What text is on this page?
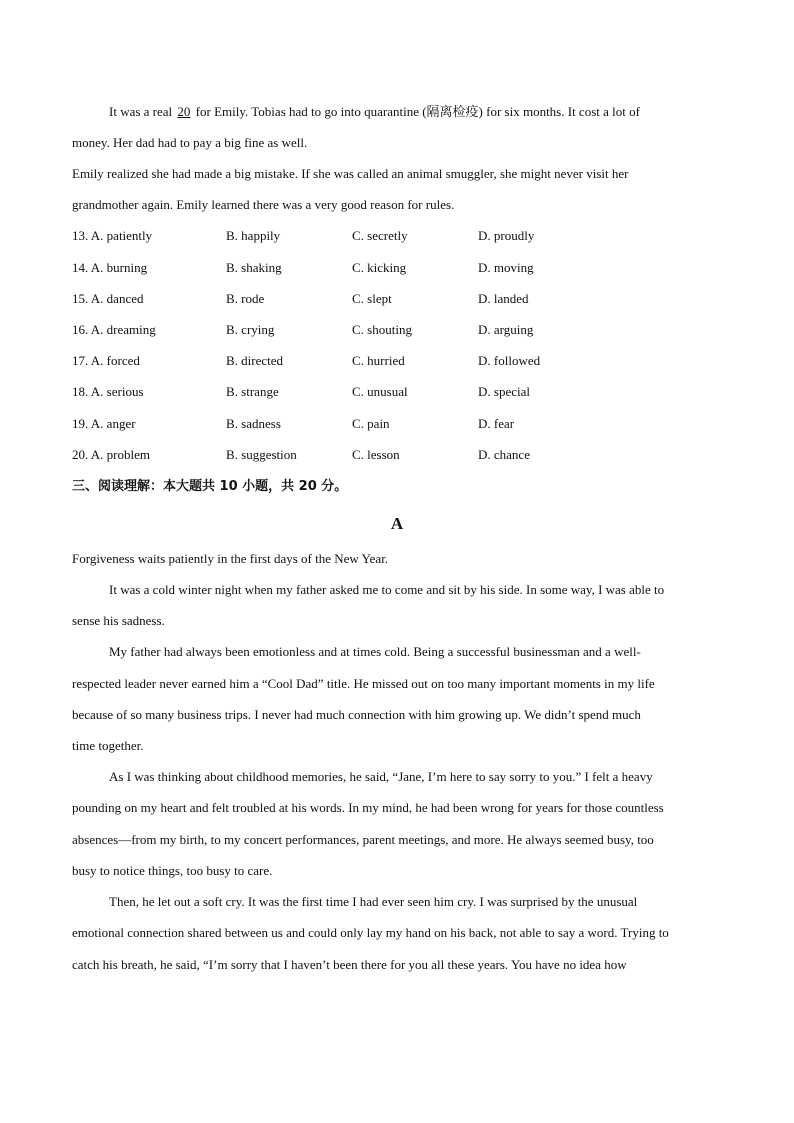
It was a real 20 for Emily. Tobias had to go into quarantine (隔离检疫) for six months. It cost a lot of
money. Her dad had to pay a big fine as well.
Emily realized she had made a big mistake. If she was called an animal smuggler, she might never visit her
grandmother again. Emily learned there was a very good reason for rules.
13. A. patiently	B. happily	C. secretly	D. proudly
14. A. burning	B. shaking	C. kicking	D. moving
15. A. danced	B. rode	C. slept	D. landed
16. A. dreaming	B. crying	C. shouting	D. arguing
17. A. forced	B. directed	C. hurried	D. followed
18. A. serious	B. strange	C. unusual	D. special
19. A. anger	B. sadness	C. pain	D. fear
20. A. problem	B. suggestion	C. lesson	D. chance
三、阅读理解：本大题共 10 小题，共 20 分。
A
Forgiveness waits patiently in the first days of the New Year.
It was a cold winter night when my father asked me to come and sit by his side. In some way, I was able to
sense his sadness.
My father had always been emotionless and at times cold. Being a successful businessman and a well-
respected leader never earned him a “Cool Dad” title. He missed out on too many important moments in my life
because of so many business trips. I never had much connection with him growing up. We didn’t spend much
time together.
As I was thinking about childhood memories, he said, “Jane, I’m here to say sorry to you.” I felt a heavy
pounding on my heart and felt troubled at his words. In my mind, he had been wrong for years for those countless
absences—from my birth, to my concert performances, parent meetings, and more. He always seemed busy, too
busy to notice things, too busy to care.
Then, he let out a soft cry. It was the first time I had ever seen him cry. I was surprised by the unusual
emotional connection shared between us and could only lay my hand on his back, not able to say a word. Trying to
catch his breath, he said, “I’m sorry that I haven’t been there for you all these years. You have no idea how
